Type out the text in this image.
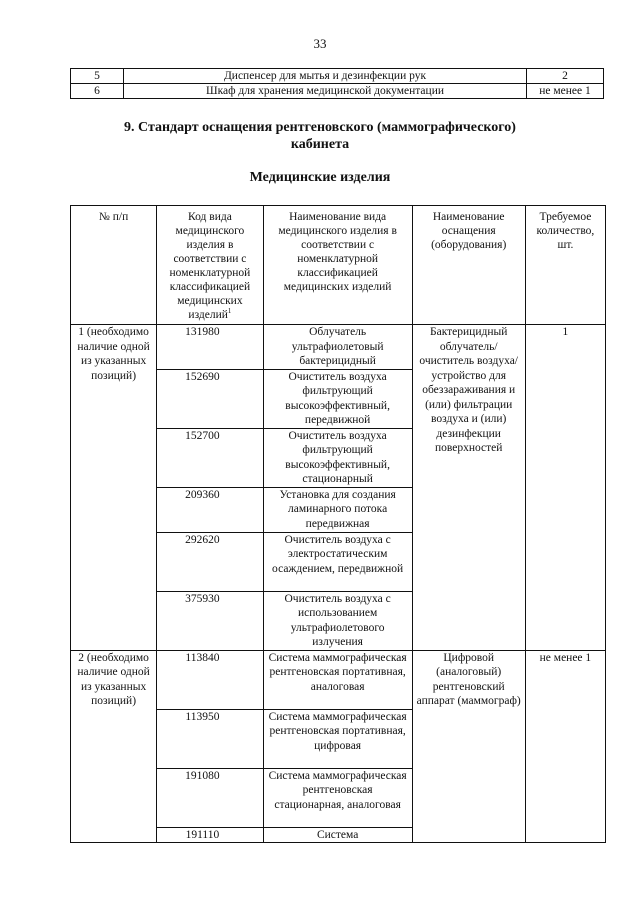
33
5	Диспенсер для мытья и дезинфекции рук	2
6	Шкаф для хранения медицинской документации	не менее 1
9. Стандарт оснащения рентгеновского (маммографического)
кабинета
Медицинские изделия
№ п/п	Код вида медицинского изделия в соответствии с номенклатурной классификацией медицинских изделий$^1$	Наименование вида медицинского изделия в соответствии с номенклатурной классификацией медицинских изделий	Наименование оснащения (оборудования)	Требуемое количество, шт.
1 (необходимо наличие одной из указанных позиций)	131980	Облучатель ультрафиолетовый бактерицидный	Бактерицидный облучатель/ очиститель воздуха/ устройство для обеззараживания и (или) фильтрации воздуха и (или) дезинфекции поверхностей	1
	152690	Очиститель воздуха фильтрующий высокоэффективный, передвижной		
	152700	Очиститель воздуха фильтрующий высокоэффективный, стационарный		
	209360	Установка для создания ламинарного потока передвижная		
	292620	Очиститель воздуха с электростатическим осаждением, передвижной		
	375930	Очиститель воздуха с использованием ультрафиолетового излучения		
2 (необходимо наличие одной из указанных позиций)	113840	Система маммографическая рентгеновская портативная, аналоговая	Цифровой (аналоговый) рентгеновский аппарат (маммограф)	не менее 1
	113950	Система маммографическая рентгеновская портативная, цифровая		
	191080	Система маммографическая рентгеновская стационарная, аналоговая		
	191110	Система		
